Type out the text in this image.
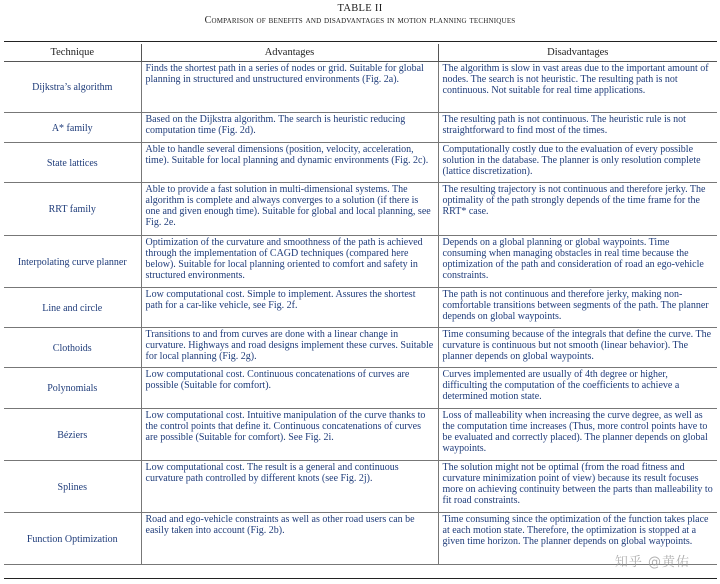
TABLE II
Comparison of benefits and disadvantages in motion planning techniques
Technique	Advantages	Disadvantages
Dijkstra’s algorithm	Finds the shortest path in a series of nodes or grid. Suitable for global planning in structured and unstructured environments (Fig. 2a).	The algorithm is slow in vast areas due to the important amount of nodes. The search is not heuristic. The resulting path is not continuous. Not suitable for real time applications.
A* family	Based on the Dijkstra algorithm. The search is heuristic reducing computation time (Fig. 2d).	The resulting path is not continuous. The heuristic rule is not straightforward to find most of the times.
State lattices	Able to handle several dimensions (position, velocity, acceleration, time). Suitable for local planning and dynamic environments (Fig. 2c).	Computationally costly due to the evaluation of every possible solution in the database. The planner is only resolution complete (lattice discretization).
RRT family	Able to provide a fast solution in multi-dimensional systems. The algorithm is complete and always converges to a solution (if there is one and given enough time). Suitable for global and local planning, see Fig. 2e.	The resulting trajectory is not continuous and therefore jerky. The optimality of the path strongly depends of the time frame for the RRT* case.
Interpolating curve planner	Optimization of the curvature and smoothness of the path is achieved through the implementation of CAGD techniques (compared here below). Suitable for local planning oriented to comfort and safety in structured environments.	Depends on a global planning or global waypoints. Time consuming when managing obstacles in real time because the optimization of the path and consideration of road an ego-vehicle constraints.
Line and circle	Low computational cost. Simple to implement. Assures the shortest path for a car-like vehicle, see Fig. 2f.	The path is not continuous and therefore jerky, making non-comfortable transitions between segments of the path. The planner depends on global waypoints.
Clothoids	Transitions to and from curves are done with a linear change in curvature. Highways and road designs implement these curves. Suitable for local planning (Fig. 2g).	Time consuming because of the integrals that define the curve. The curvature is continuous but not smooth (linear behavior). The planner depends on global waypoints.
Polynomials	Low computational cost. Continuous concatenations of curves are possible (Suitable for comfort).	Curves implemented are usually of 4th degree or higher, difficulting the computation of the coefficients to achieve a determined motion state.
Béziers	Low computational cost. Intuitive manipulation of the curve thanks to the control points that define it. Continuous concatenations of curves are possible (Suitable for comfort). See Fig. 2i.	Loss of malleability when increasing the curve degree, as well as the computation time increases (Thus, more control points have to be evaluated and correctly placed). The planner depends on global waypoints.
Splines	Low computational cost. The result is a general and continuous curvature path controlled by different knots (see Fig. 2j).	The solution might not be optimal (from the road fitness and curvature minimization point of view) because its result focuses more on achieving continuity between the parts than malleability to fit road constraints.
Function Optimization	Road and ego-vehicle constraints as well as other road users can be easily taken into account (Fig. 2b).	Time consuming since the optimization of the function takes place at each motion state. Therefore, the optimization is stopped at a given time horizon. The planner depends on global waypoints.
知乎 @黄佑
